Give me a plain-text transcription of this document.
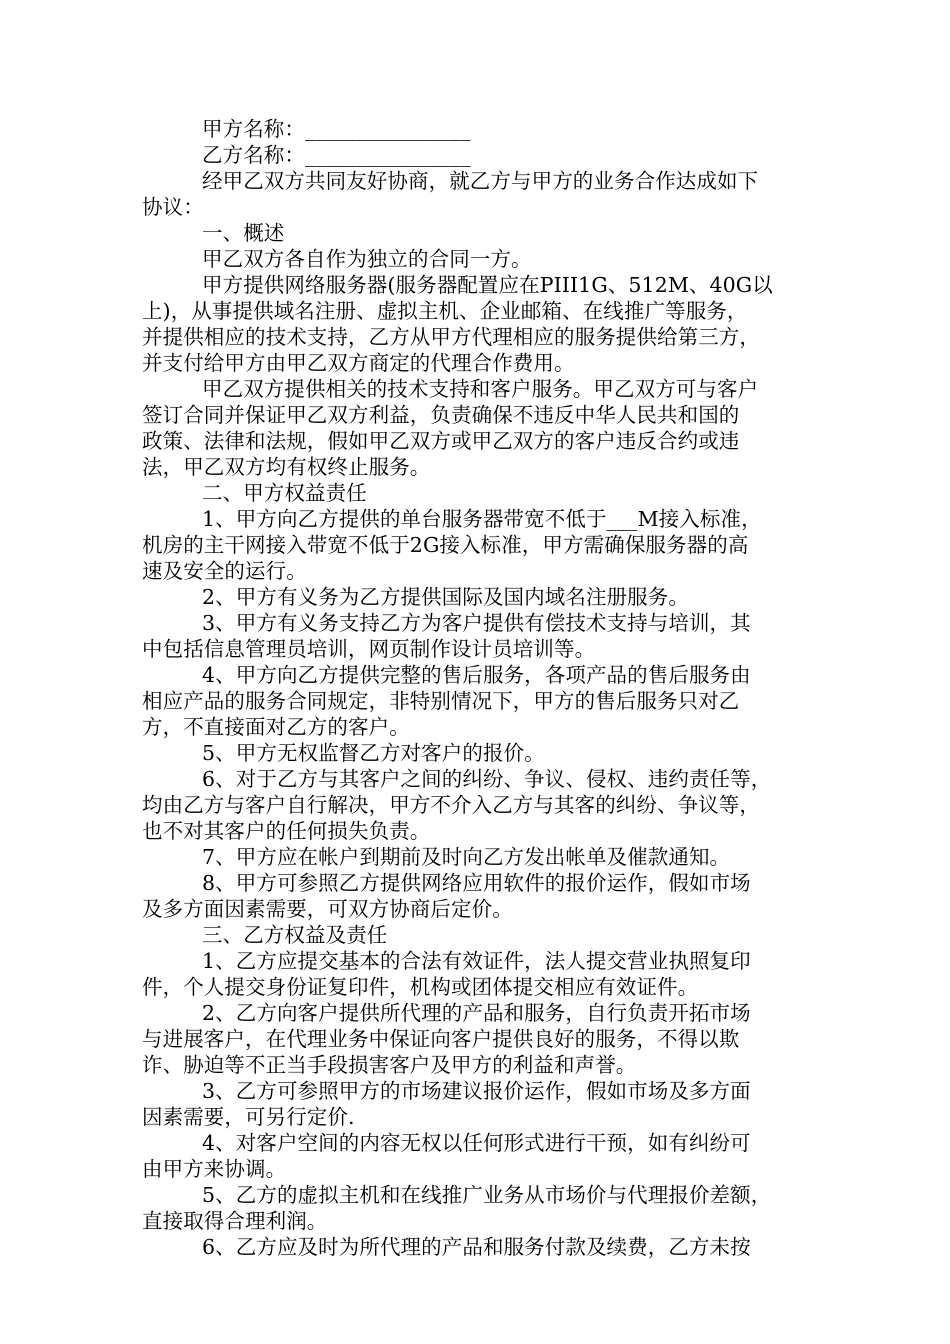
甲方名称：________________
乙方名称：________________
经甲乙双方共同友好协商，就乙方与甲方的业务合作达成如下
协议：
一、概述
甲乙双方各自作为独立的合同一方。
甲方提供网络服务器(服务器配置应在PIII1G、512M、40G以
上)，从事提供域名注册、虚拟主机、企业邮箱、在线推广等服务，
并提供相应的技术支持，乙方从甲方代理相应的服务提供给第三方，
并支付给甲方由甲乙双方商定的代理合作费用。
甲乙双方提供相关的技术支持和客户服务。甲乙双方可与客户
签订合同并保证甲乙双方利益，负责确保不违反中华人民共和国的
政策、法律和法规，假如甲乙双方或甲乙双方的客户违反合约或违
法，甲乙双方均有权终止服务。
二、甲方权益责任
1、甲方向乙方提供的单台服务器带宽不低于___M接入标准，
机房的主干网接入带宽不低于2G接入标准，甲方需确保服务器的高
速及安全的运行。
2、甲方有义务为乙方提供国际及国内域名注册服务。
3、甲方有义务支持乙方为客户提供有偿技术支持与培训，其
中包括信息管理员培训，网页制作设计员培训等。
4、甲方向乙方提供完整的售后服务，各项产品的售后服务由
相应产品的服务合同规定，非特别情况下，甲方的售后服务只对乙
方，不直接面对乙方的客户。
5、甲方无权监督乙方对客户的报价。
6、对于乙方与其客户之间的纠纷、争议、侵权、违约责任等，
均由乙方与客户自行解决，甲方不介入乙方与其客的纠纷、争议等，
也不对其客户的任何损失负责。
7、甲方应在帐户到期前及时向乙方发出帐单及催款通知。
8、甲方可参照乙方提供网络应用软件的报价运作，假如市场
及多方面因素需要，可双方协商后定价。
三、乙方权益及责任
1、乙方应提交基本的合法有效证件，法人提交营业执照复印
件，个人提交身份证复印件，机构或团体提交相应有效证件。
2、乙方向客户提供所代理的产品和服务，自行负责开拓市场
与进展客户，在代理业务中保证向客户提供良好的服务，不得以欺
诈、胁迫等不正当手段损害客户及甲方的利益和声誉。
3、乙方可参照甲方的市场建议报价运作，假如市场及多方面
因素需要，可另行定价.
4、对客户空间的内容无权以任何形式进行干预，如有纠纷可
由甲方来协调。
5、乙方的虚拟主机和在线推广业务从市场价与代理报价差额，
直接取得合理利润。
6、乙方应及时为所代理的产品和服务付款及续费，乙方未按
